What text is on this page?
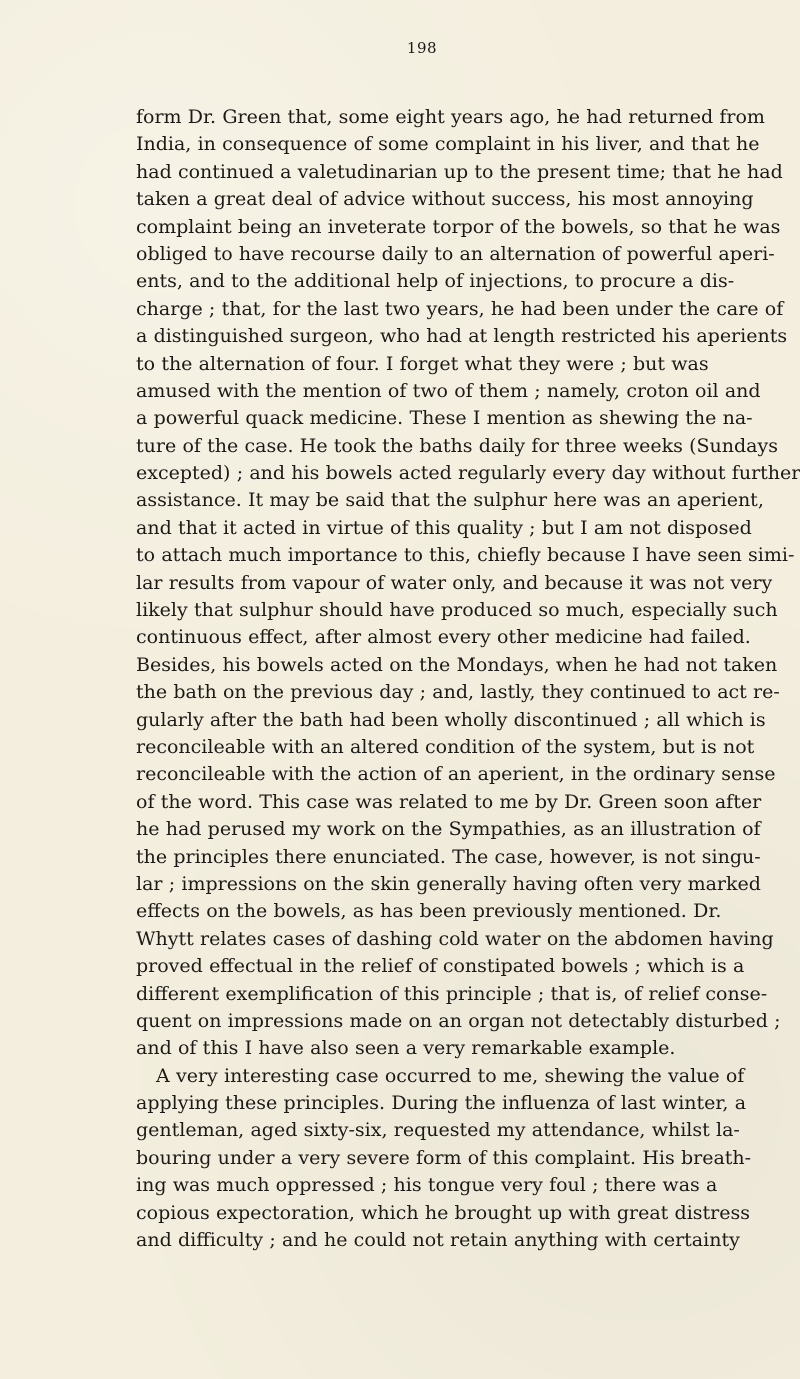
198
form Dr. Green that, some eight years ago, he had returned from
India, in consequence of some complaint in his liver, and that he
had continued a valetudinarian up to the present time; that he had
taken a great deal of advice without success, his most annoying
complaint being an inveterate torpor of the bowels, so that he was
obliged to have recourse daily to an alternation of powerful aperi-
ents, and to the additional help of injections, to procure a dis-
charge ; that, for the last two years, he had been under the care of
a distinguished surgeon, who had at length restricted his aperients
to the alternation of four. I forget what they were ; but was
amused with the mention of two of them ; namely, croton oil and
a powerful quack medicine. These I mention as shewing the na-
ture of the case. He took the baths daily for three weeks (Sundays
excepted) ; and his bowels acted regularly every day without further
assistance. It may be said that the sulphur here was an aperient,
and that it acted in virtue of this quality ; but I am not disposed
to attach much importance to this, chiefly because I have seen simi-
lar results from vapour of water only, and because it was not very
likely that sulphur should have produced so much, especially such
continuous effect, after almost every other medicine had failed.
Besides, his bowels acted on the Mondays, when he had not taken
the bath on the previous day ; and, lastly, they continued to act re-
gularly after the bath had been wholly discontinued ; all which is
reconcileable with an altered condition of the system, but is not
reconcileable with the action of an aperient, in the ordinary sense
of the word. This case was related to me by Dr. Green soon after
he had perused my work on the Sympathies, as an illustration of
the principles there enunciated. The case, however, is not singu-
lar ; impressions on the skin generally having often very marked
effects on the bowels, as has been previously mentioned. Dr.
Whytt relates cases of dashing cold water on the abdomen having
proved effectual in the relief of constipated bowels ; which is a
different exemplification of this principle ; that is, of relief conse-
quent on impressions made on an organ not detectably disturbed ;
and of this I have also seen a very remarkable example.
A very interesting case occurred to me, shewing the value of
applying these principles. During the influenza of last winter, a
gentleman, aged sixty-six, requested my attendance, whilst la-
bouring under a very severe form of this complaint. His breath-
ing was much oppressed ; his tongue very foul ; there was a
copious expectoration, which he brought up with great distress
and difficulty ; and he could not retain anything with certainty
